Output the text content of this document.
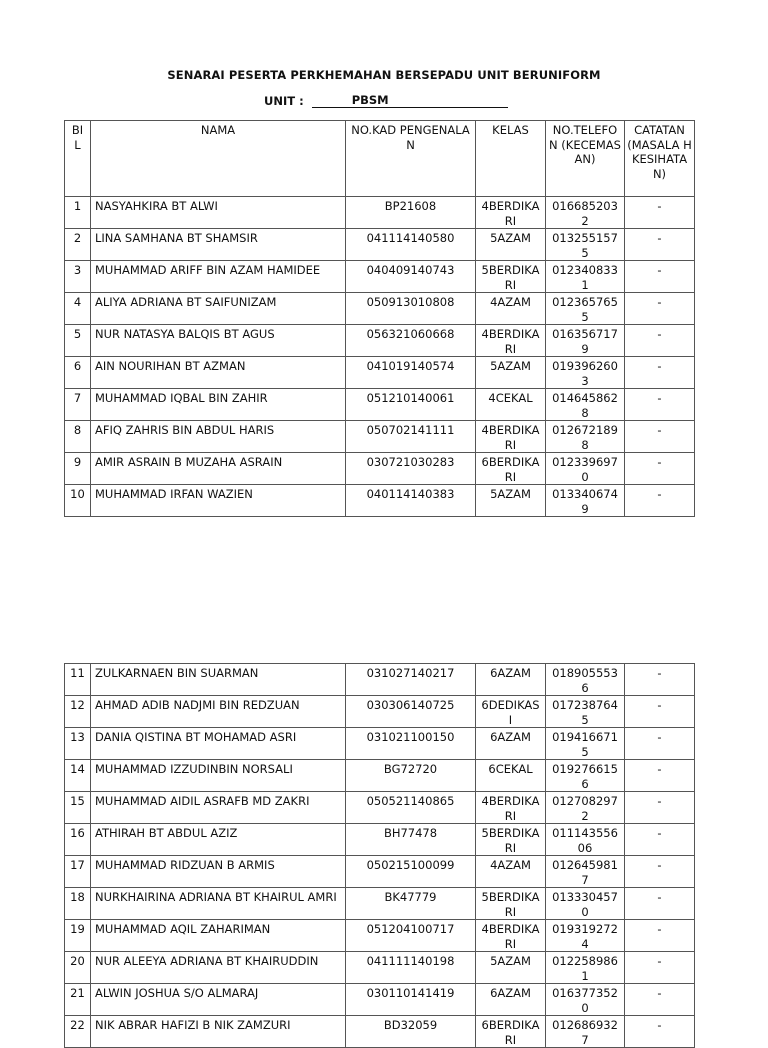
SENARAI PESERTA PERKHEMAHAN BERSEPADU UNIT BERUNIFORM
UNIT :	PBSM
BI L	NAMA	NO.KAD PENGENALAN	KELAS	NO.TELEFO N (KECEMAS AN)	CATATAN (MASALA H KESIHATA N)
1	NASYAHKIRA BT ALWI	BP21608	4BERDIKARI	0166852032	-
2	LINA SAMHANA BT SHAMSIR	041114140580	5AZAM	0132551575	-
3	MUHAMMAD ARIFF BIN AZAM HAMIDEE	040409140743	5BERDIKARI	0123408331	-
4	ALIYA ADRIANA BT SAIFUNIZAM	050913010808	4AZAM	0123657655	-
5	NUR NATASYA BALQIS BT AGUS	056321060668	4BERDIKARI	0163567179	-
6	AIN NOURIHAN BT AZMAN	041019140574	5AZAM	0193962603	-
7	MUHAMMAD IQBAL BIN ZAHIR	051210140061	4CEKAL	0146458628	-
8	AFIQ ZAHRIS BIN ABDUL HARIS	050702141111	4BERDIKARI	0126721898	-
9	AMIR ASRAIN B MUZAHA ASRAIN	030721030283	6BERDIKARI	0123396970	-
10	MUHAMMAD IRFAN WAZIEN	040114140383	5AZAM	0133406749	-
11	ZULKARNAEN BIN SUARMAN	031027140217	6AZAM	0189055536	-
12	AHMAD ADIB NADJMI BIN REDZUAN	030306140725	6DEDIKASI	0172387645	-
13	DANIA QISTINA BT MOHAMAD ASRI	031021100150	6AZAM	0194166715	-
14	MUHAMMAD IZZUDINBIN NORSALI	BG72720	6CEKAL	0192766156	-
15	MUHAMMAD AIDIL ASRAFB MD ZAKRI	050521140865	4BERDIKARI	0127082972	-
16	ATHIRAH BT ABDUL AZIZ	BH77478	5BERDIKARI	01114355606	-
17	MUHAMMAD RIDZUAN B ARMIS	050215100099	4AZAM	0126459817	-
18	NURKHAIRINA ADRIANA BT KHAIRUL AMRI	BK47779	5BERDIKARI	0133304570	-
19	MUHAMMAD AQIL ZAHARIMAN	051204100717	4BERDIKARI	0193192724	-
20	NUR ALEEYA ADRIANA BT KHAIRUDDIN	041111140198	5AZAM	0122589861	-
21	ALWIN JOSHUA S/O ALMARAJ	030110141419	6AZAM	0163773520	-
22	NIK ABRAR HAFIZI B NIK ZAMZURI	BD32059	6BERDIKARI	0126869327	-
